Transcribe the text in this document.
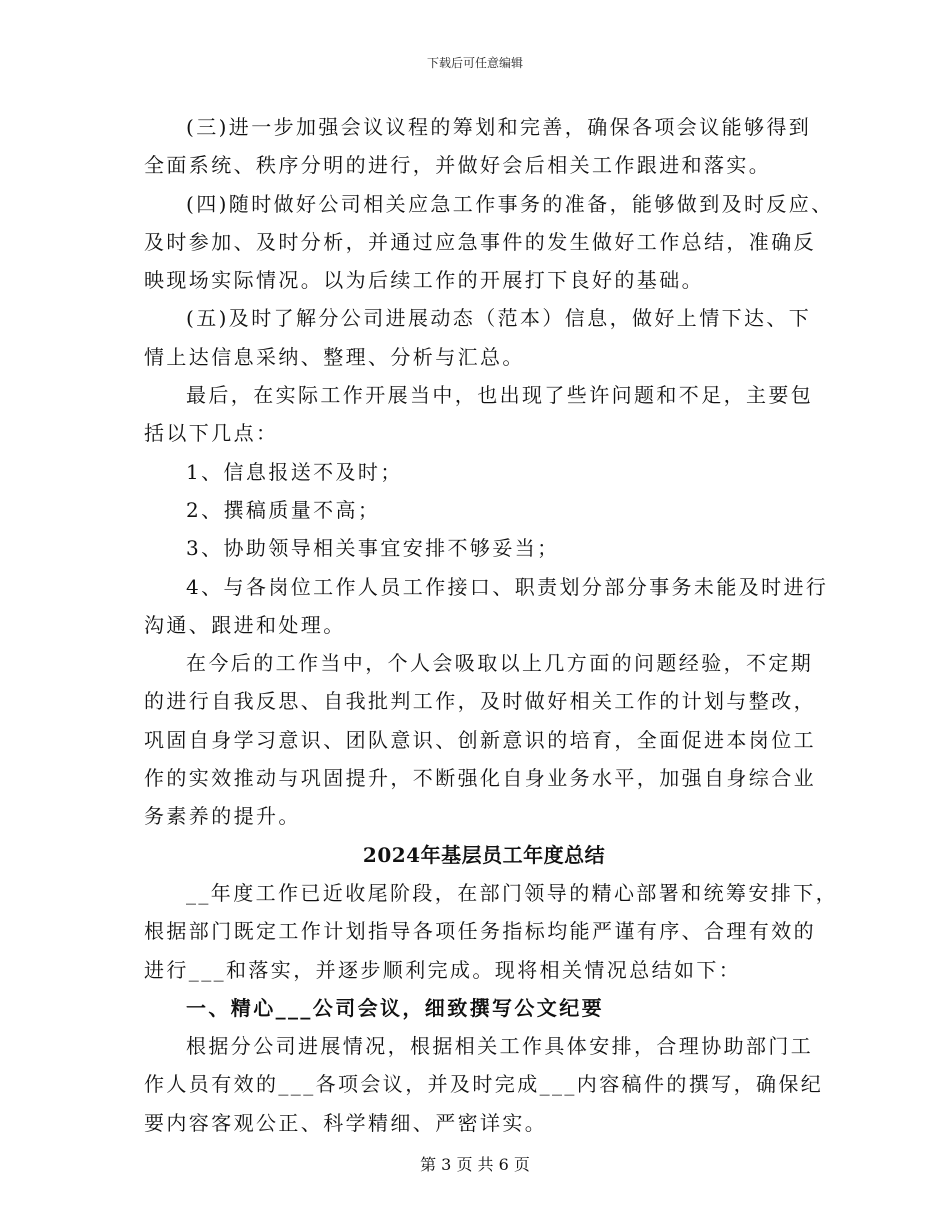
下载后可任意编辑
(三)进一步加强会议议程的筹划和完善，确保各项会议能够得到
全面系统、秩序分明的进行，并做好会后相关工作跟进和落实。
(四)随时做好公司相关应急工作事务的准备，能够做到及时反应、
及时参加、及时分析，并通过应急事件的发生做好工作总结，准确反
映现场实际情况。以为后续工作的开展打下良好的基础。
(五)及时了解分公司进展动态（范本）信息，做好上情下达、下
情上达信息采纳、整理、分析与汇总。
最后，在实际工作开展当中，也出现了些许问题和不足，主要包
括以下几点：
1、信息报送不及时；
2、撰稿质量不高；
3、协助领导相关事宜安排不够妥当；
4、与各岗位工作人员工作接口、职责划分部分事务未能及时进行
沟通、跟进和处理。
在今后的工作当中，个人会吸取以上几方面的问题经验，不定期
的进行自我反思、自我批判工作，及时做好相关工作的计划与整改，
巩固自身学习意识、团队意识、创新意识的培育，全面促进本岗位工
作的实效推动与巩固提升，不断强化自身业务水平，加强自身综合业
务素养的提升。
2024年基层员工年度总结
__年度工作已近收尾阶段，在部门领导的精心部署和统筹安排下，
根据部门既定工作计划指导各项任务指标均能严谨有序、合理有效的
进行___和落实，并逐步顺利完成。现将相关情况总结如下：
一、精心___公司会议，细致撰写公文纪要
根据分公司进展情况，根据相关工作具体安排，合理协助部门工
作人员有效的___各项会议，并及时完成___内容稿件的撰写，确保纪
要内容客观公正、科学精细、严密详实。
第 3 页 共 6 页
